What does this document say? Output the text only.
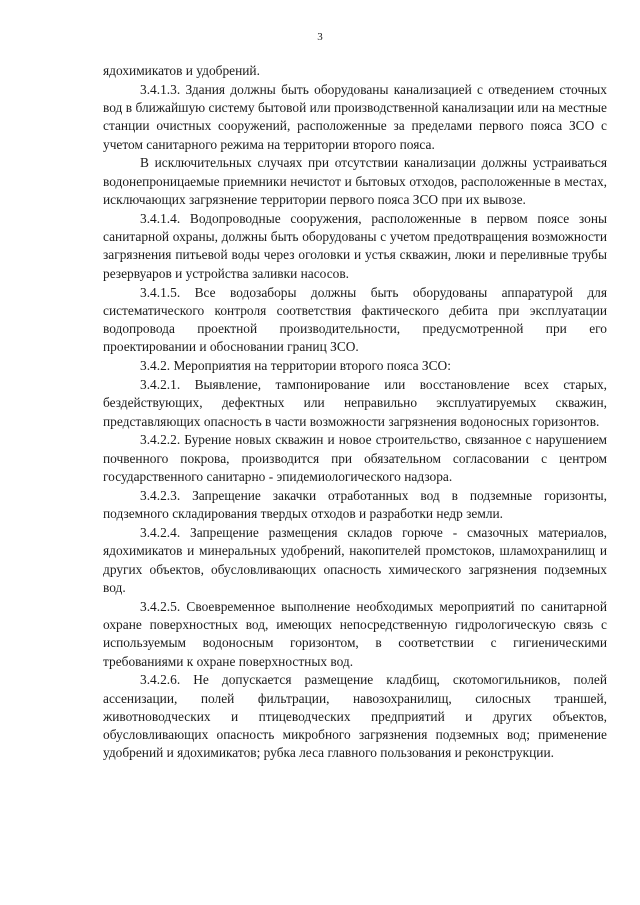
3

ядохимикатов и удобрений.

3.4.1.3. Здания должны быть оборудованы канализацией с отведением сточных вод в ближайшую систему бытовой или производственной канализации или на местные станции очистных сооружений, расположенные за пределами первого пояса ЗСО с учетом санитарного режима на территории второго пояса.

В исключительных случаях при отсутствии канализации должны устраиваться водонепроницаемые приемники нечистот и бытовых отходов, расположенные в местах, исключающих загрязнение территории первого пояса ЗСО при их вывозе.

3.4.1.4. Водопроводные сооружения, расположенные в первом поясе зоны санитарной охраны, должны быть оборудованы с учетом предотвращения возможности загрязнения питьевой воды через оголовки и устья скважин, люки и переливные трубы резервуаров и устройства заливки насосов.

3.4.1.5. Все водозаборы должны быть оборудованы аппаратурой для систематического контроля соответствия фактического дебита при эксплуатации водопровода проектной производительности, предусмотренной при его проектировании и обосновании границ ЗСО.

3.4.2. Мероприятия на территории второго пояса ЗСО:

3.4.2.1. Выявление, тампонирование или восстановление всех старых, бездействующих, дефектных или неправильно эксплуатируемых скважин, представляющих опасность в части возможности загрязнения водоносных горизонтов.

3.4.2.2. Бурение новых скважин и новое строительство, связанное с нарушением почвенного покрова, производится при обязательном согласовании с центром государственного санитарно - эпидемиологического надзора.

3.4.2.3. Запрещение закачки отработанных вод в подземные горизонты, подземного складирования твердых отходов и разработки недр земли.

3.4.2.4. Запрещение размещения складов горюче - смазочных материалов, ядохимикатов и минеральных удобрений, накопителей промстоков, шламохранилищ и других объектов, обусловливающих опасность химического загрязнения подземных вод.

3.4.2.5. Своевременное выполнение необходимых мероприятий по санитарной охране поверхностных вод, имеющих непосредственную гидрологическую связь с используемым водоносным горизонтом, в соответствии с гигиеническими требованиями к охране поверхностных вод.

3.4.2.6. Не допускается размещение кладбищ, скотомогильников, полей ассенизации, полей фильтрации, навозохранилищ, силосных траншей, животноводческих и птицеводческих предприятий и других объектов, обусловливающих опасность микробного загрязнения подземных вод; применение удобрений и ядохимикатов; рубка леса главного пользования и реконструкции.
